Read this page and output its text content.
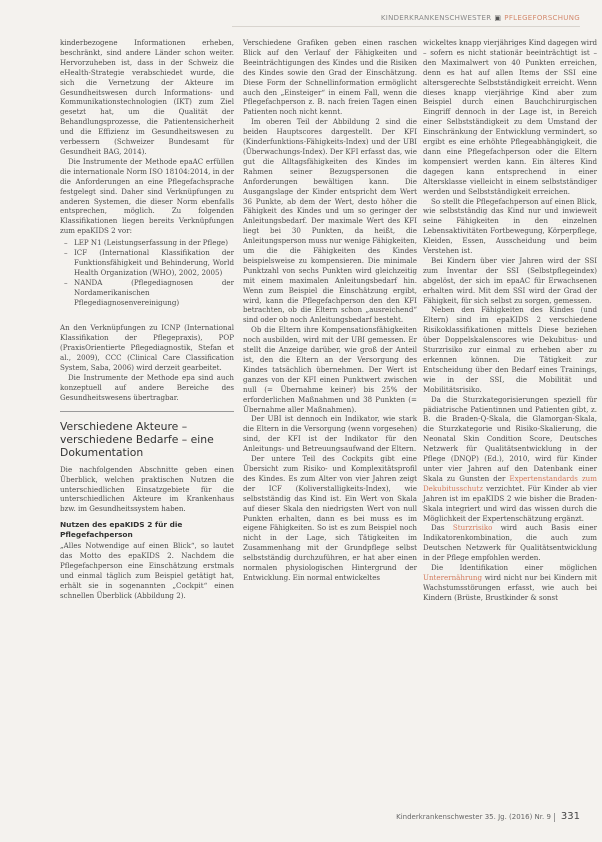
KINDERKRANKENSCHWESTER ▣ PFLEGEFORSCHUNG

kinderbezogene Informationen erheben, beschränkt, sind andere Länder schon weiter. Hervorzuheben ist, dass in der Schweiz die eHealth-Strategie verabschiedet wurde, die sich die Vernetzung der Akteure im Gesundheitswesen durch Informations- und Kommunikationstechnologien (IKT) zum Ziel gesetzt hat, um die Qualität der Behandlungsprozesse, die Patientensicherheit und die Effizienz im Gesundheitswesen zu verbessern (Schweizer Bundesamt für Gesundheit BAG, 2014).

Die Instrumente der Methode epaAC erfüllen die internationale Norm ISO 18104:2014, in der die Anforderungen an eine Pflegefachsprache festgelegt sind. Daher sind Verknüpfungen zu anderen Systemen, die dieser Norm ebenfalls entsprechen, möglich. Zu folgenden Klassifikationen liegen bereits Verknüpfungen zum epaKIDS 2 vor:

– LEP N1 (Leistungserfassung in der Pflege)
– ICF (International Klassifikation der Funktionsfähigkeit und Behinderung, World Health Organization (WHO), 2002, 2005)
– NANDA (Pflegediagnosen der Nordamerikanischen Pflegediagnosenvereinigung)

An den Verknüpfungen zu ICNP (International Klassifikation der Pflegepraxis), POP (PraxisOrientierte Pflegediagnostik, Stefan et al., 2009), CCC (Clinical Care Classification System, Saba, 2006) wird derzeit gearbeitet.

Die Instrumente der Methode epa sind auch konzeptuell auf andere Bereiche des Gesundheitswesens übertragbar.

Verschiedene Akteure – verschiedene Bedarfe – eine Dokumentation

Die nachfolgenden Abschnitte geben einen Überblick, welchen praktischen Nutzen die unterschiedlichen Einsatzgebiete für die unterschiedlichen Akteure im Krankenhaus bzw. im Gesundheitssystem haben.

Nutzen des epaKIDS 2 für die Pflegefachperson

„Alles Notwendige auf einen Blick“, so lautet das Motto des epaKIDS 2. Nachdem die Pflegefachperson eine Einschätzung erstmals und einmal täglich zum Beispiel getätigt hat, erhält sie in sogenannten „Cockpit“ einen schnellen Überblick (Abbildung 2).

Verschiedene Grafiken geben einen raschen Blick auf den Verlauf der Fähigkeiten und Beeinträchtigungen des Kindes und die Risiken des Kindes sowie den Grad der Einschätzung. Diese Form der Schnellinformation ermöglicht auch den „Einsteiger“ in einem Fall, wenn die Pflegefachperson z. B. nach freien Tagen einen Patienten noch nicht kennt.

Im oberen Teil der Abbildung 2 sind die beiden Hauptscores dargestellt. Der KFI (Kinderfunktions-Fähigkeits-Index) und der UBI (Überwachungs-Index). Der KFI erfasst das, wie gut die Alltagsfähigkeiten des Kindes im Rahmen seiner Bezugspersonen die Anforderungen bewältigen kann. Die Ausgangslage der Kinder entspricht dem Wert 36 Punkte, ab dem der Wert, desto höher die Fähigkeit des Kindes und um so geringer der Anleitungsbedarf. Der maximale Wert des KFI liegt bei 30 Punkten, da heißt, die Anleitungsperson muss nur wenige Fähigkeiten, um die die Fähigkeiten des Kindes beispielsweise zu kompensieren. Die minimale Punktzahl von sechs Punkten wird gleichzeitig mit einem maximalen Anleitungsbedarf hin. Wenn zum Beispiel die Einschätzung ergibt, wird, kann die Pflegefachperson den den KFI betrachten, ob die Eltern schon „ausreichend“ sind oder ob noch Anleitungsbedarf besteht.

Ob die Eltern ihre Kompensationsfähigkeiten noch ausbilden, wird mit der UBI gemessen. Er stellt die Anzeige darüber, wie groß der Anteil ist, den die Eltern an der Versorgung des Kindes tatsächlich übernehmen. Der Wert ist ganzes von der KFI einen Punktwert zwischen null (= Übernahme keiner) bis 25% der erforderlichen Maßnahmen und 38 Punkten (= Übernahme aller Maßnahmen).

Der UBI ist dennoch ein Indikator, wie stark die Eltern in die Versorgung (wenn vorgesehen) sind, der KFI ist der Indikator für den Anleitungs- und Betreuungsaufwand der Eltern.

Der untere Teil des Cockpits gibt eine Übersicht zum Risiko- und Komplexitätsprofil des Kindes. Es zum Alter von vier Jahren zeigt der ICF (Koliverstalligkeits-Index), wie selbstständig das Kind ist. Ein Wert von Skala auf dieser Skala den niedrigsten Wert von null Punkten erhalten, dann es bei muss es im eigene Fähigkeiten. So ist es zum Beispiel noch nicht in der Lage, sich Tätigkeiten im Zusammenhang mit der Grundpflege selbst selbstständig durchzuführen, er hat aber einen normalen physiologischen Hintergrund der Entwicklung. Ein normal entwickeltes

wickeltes knapp vierjähriges Kind dagegen wird – sofern es nicht stationär beeinträchtigt ist – den Maximalwert von 40 Punkten erreichen, denn es hat auf allen Items der SSI eine altersgerechte Selbstständigkeit erreicht. Wenn dieses knapp vierjährige Kind aber zum Beispiel durch einen Bauchchirurgischen Eingriff dennoch in der Lage ist, in Bereich einer Selbstständigkeit zu dem Umstand der Einschränkung der Entwicklung vermindert, so ergibt es eine erhöhte Pflegeabhängigkeit, die dann eine Pflegefachperson oder die Eltern kompensiert werden kann. Ein älteres Kind dagegen kann entsprechend in einer Altersklasse vielleicht in einem selbstständiger werden und Selbstständigkeit erreichen.

So stellt die Pflegefachperson auf einen Blick, wie selbstständig das Kind nur und inwieweit seine Fähigkeiten in den einzelnen Lebensaktivitäten Fortbewegung, Körperpflege, Kleiden, Essen, Ausscheidung und beim Verstehen ist.

Bei Kindern über vier Jahren wird der SSI zum Inventar der SSI (Selbstpflegeindex) abgelöst, der sich im epaAC für Erwachsenen erhalten wird. Mit dem SSI wird der Grad der Fähigkeit, für sich selbst zu sorgen, gemessen.

Neben den Fähigkeiten des Kindes (und Eltern) sind im epaKIDS 2 verschiedene Risikoklassifikationen mittels Diese beziehen über Doppelskalenscores wie Dekubitus- und Sturzrisiko zur einmal zu erheben aber zu erkennen können. Die Tätigkeit zur Entscheidung über den Bedarf eines Trainings, wie in der SSI, die Mobilität und Mobilitätsrisiko.

Da die Sturzkategorisierungen speziell für pädiatrische Patientinnen und Patienten gibt, z. B. die Braden-Q-Skala, die Glamorgan-Skala, die Sturzkategorie und Risiko-Skalierung, die Neonatal Skin Condition Score, Deutsches Netzwerk für Qualitätsentwicklung in der Pflege (DNQP) (Ed.), 2010, wird für Kinder unter vier Jahren auf den Datenbank einer Skala zu Gunsten der Expertenstandards zum Dekubitusschutz verzichtet. Für Kinder ab vier Jahren ist im epaKIDS 2 wie bisher die Braden-Skala integriert und wird das wissen durch die Möglichkeit der Expertenschätzung ergänzt.

Das Sturzrisiko wird auch Basis einer Indikatorenkombination, die auch zum Deutschen Netzwerk für Qualitätsentwicklung in der Pflege empfohlen werden.

Die Identifikation einer möglichen Unterernährung wird nicht nur bei Kindern mit Wachstumsstörungen erfasst, wie auch bei Kindern (Brüste, Brustkinder & sonst

Kinderkrankenschwester 35. Jg. (2016) Nr. 9 331
